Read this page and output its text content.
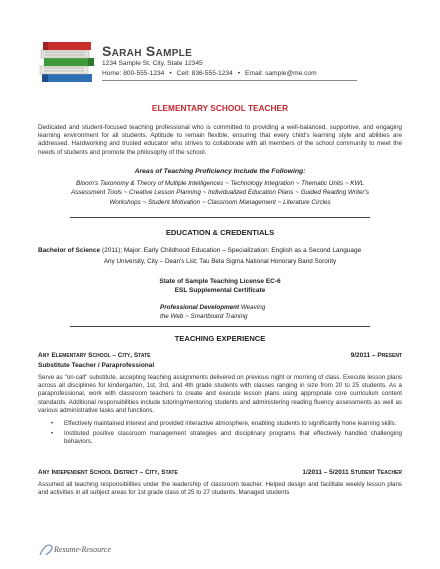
Sarah Sample
1234 Sample St. City, State 12345
Home: 800-555-1234 • Cell: 836-555-1234 • Email: sample@me.com
ELEMENTARY SCHOOL TEACHER
Dedicated and student-focused teaching professional who is committed to providing a well-balanced, supportive, and engaging learning environment for all students. Aptitude to remain flexible, ensuring that every child's learning style and abilities are addressed. Hardworking and trusted educator who strives to collaborate with all members of the school community to meet the needs of students and promote the philosophy of the school.
Areas of Teaching Proficiency Include the Following:
Bloom's Taxonomy & Theory of Multiple Intelligences ~ Technology Integration ~ Thematic Units ~ KWL
Assessment Tools ~ Creative Lesson Planning ~ Individualized Education Plans ~ Guided Reading Writer's
Workshops ~ Student Motivation ~ Classroom Management ~ Literature Circles
EDUCATION & CREDENTIALS
Bachelor of Science (2011); Major: Early Childhood Education – Specialization: English as a Second Language
Any University, City – Dean's List; Tau Beta Sigma National Honorary Band Sorority
State of Sample Teaching License EC-6
ESL Supplemental Certificate
Professional Development Weaving
the Web ~ Smartboard Training
TEACHING EXPERIENCE
Any Elementary School – City, State	9/2011 – Present
Substitute Teacher / Paraprofessional
Serve as "on-call" substitute, accepting teaching assignments delivered on previous night or morning of class. Execute lesson plans across all disciplines for kindergarten, 1st, 3rd, and 4th grade students with classes ranging in size from 20 to 25 students. As a paraprofessional, work with classroom teachers to create and execute lesson plans using appropriate core curriculum content standards. Additional responsibilities include tutoring/mentoring students and administering reading fluency assessments as well as various administrative tasks and functions.
• Effectively maintained interest and provided interactive atmosphere, enabling students to significantly hone learning skills.
• Instituted positive classroom management strategies and disciplinary programs that effectively handled challenging behaviors.
Any Independent School District – City, State	1/2011 – 5/2011 Student Teacher
Assumed all teaching responsibilities under the leadership of classroom teacher. Helped design and facilitate weekly lesson plans and activities in all subject areas for 1st grade class of 25 to 27 students. Managed students
Resume-Resource
